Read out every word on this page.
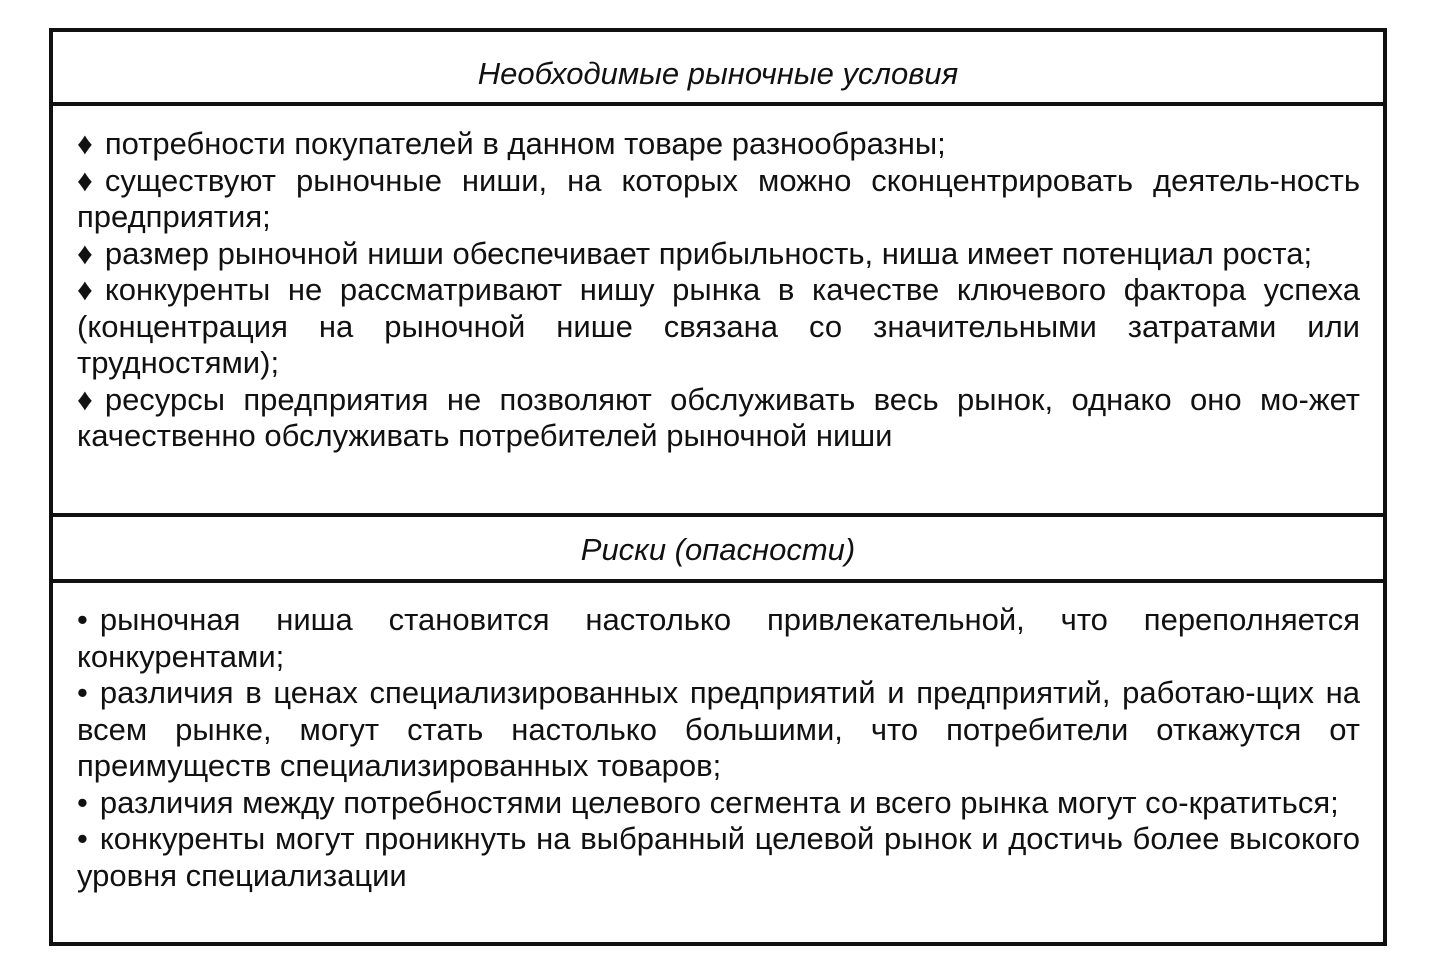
Необходимые рыночные условия

♦ потребности покупателей в данном товаре разнообразны;

♦ существуют рыночные ниши, на которых можно сконцентрировать деятель-ность предприятия;

♦ размер рыночной ниши обеспечивает прибыльность, ниша имеет потенциал роста;

♦ конкуренты не рассматривают нишу рынка в качестве ключевого фактора успеха (концентрация на рыночной нише связана со значительными затратами или трудностями);

♦ ресурсы предприятия не позволяют обслуживать весь рынок, однако оно мо-жет качественно обслуживать потребителей рыночной ниши

Риски (опасности)

• рыночная ниша становится настолько привлекательной, что переполняется конкурентами;

• различия в ценах специализированных предприятий и предприятий, работаю-щих на всем рынке, могут стать настолько большими, что потребители откажутся от преимуществ специализированных товаров;

• различия между потребностями целевого сегмента и всего рынка могут со-кратиться;

• конкуренты могут проникнуть на выбранный целевой рынок и достичь более высокого уровня специализации
